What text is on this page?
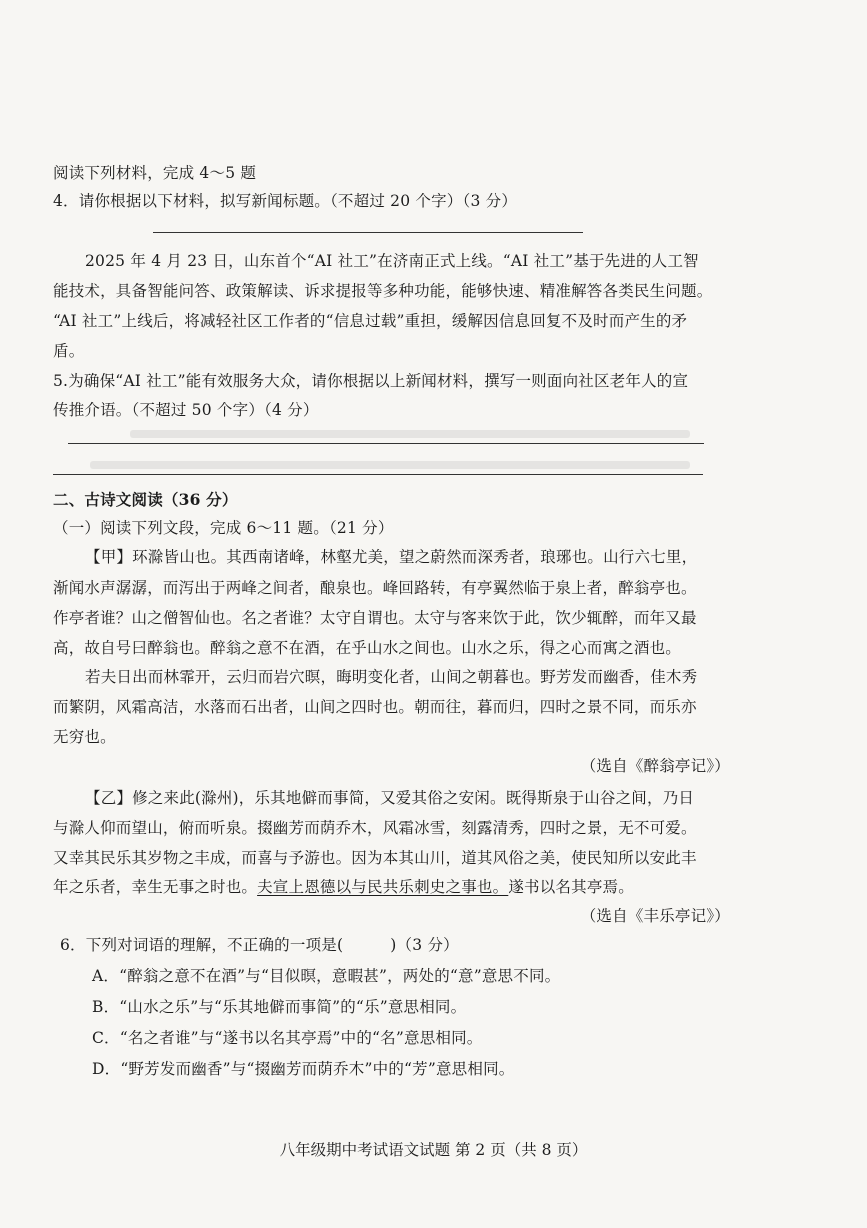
阅读下列材料，完成 4～5 题
4．请你根据以下材料，拟写新闻标题。（不超过 20 个字）（3 分）
2025 年 4 月 23 日，山东首个“AI 社工”在济南正式上线。“AI 社工”基于先进的人工智
能技术，具备智能问答、政策解读、诉求提报等多种功能，能够快速、精准解答各类民生问题。
“AI 社工”上线后，将减轻社区工作者的“信息过载”重担，缓解因信息回复不及时而产生的矛
盾。
5.为确保“AI 社工”能有效服务大众，请你根据以上新闻材料，撰写一则面向社区老年人的宣
传推介语。（不超过 50 个字）（4 分）
二、古诗文阅读（36 分）
（一）阅读下列文段，完成 6～11 题。（21 分）
【甲】环滁皆山也。其西南诸峰，林壑尤美，望之蔚然而深秀者，琅琊也。山行六七里，
渐闻水声潺潺，而泻出于两峰之间者，酿泉也。峰回路转，有亭翼然临于泉上者，醉翁亭也。
作亭者谁？山之僧智仙也。名之者谁？太守自谓也。太守与客来饮于此，饮少辄醉，而年又最
高，故自号曰醉翁也。醉翁之意不在酒，在乎山水之间也。山水之乐，得之心而寓之酒也。
若夫日出而林霏开，云归而岩穴暝，晦明变化者，山间之朝暮也。野芳发而幽香，佳木秀
而繁阴，风霜高洁，水落而石出者，山间之四时也。朝而往，暮而归，四时之景不同，而乐亦
无穷也。
（选自《醉翁亭记》）
【乙】修之来此(滁州)，乐其地僻而事简，又爱其俗之安闲。既得斯泉于山谷之间，乃日
与滁人仰而望山，俯而听泉。掇幽芳而荫乔木，风霜冰雪，刻露清秀，四时之景，无不可爱。
又幸其民乐其岁物之丰成，而喜与予游也。因为本其山川，道其风俗之美，使民知所以安此丰
年之乐者，幸生无事之时也。夫宣上恩德以与民共乐刺史之事也。遂书以名其亭焉。
（选自《丰乐亭记》）
6．下列对词语的理解，不正确的一项是(　　　)（3 分）
A．“醉翁之意不在酒”与“目似暝，意暇甚”，两处的“意”意思不同。
B．“山水之乐”与“乐其地僻而事简”的“乐”意思相同。
C．“名之者谁”与“遂书以名其亭焉”中的“名”意思相同。
D．“野芳发而幽香”与“掇幽芳而荫乔木”中的“芳”意思相同。
八年级期中考试语文试题 第 2 页（共 8 页）
